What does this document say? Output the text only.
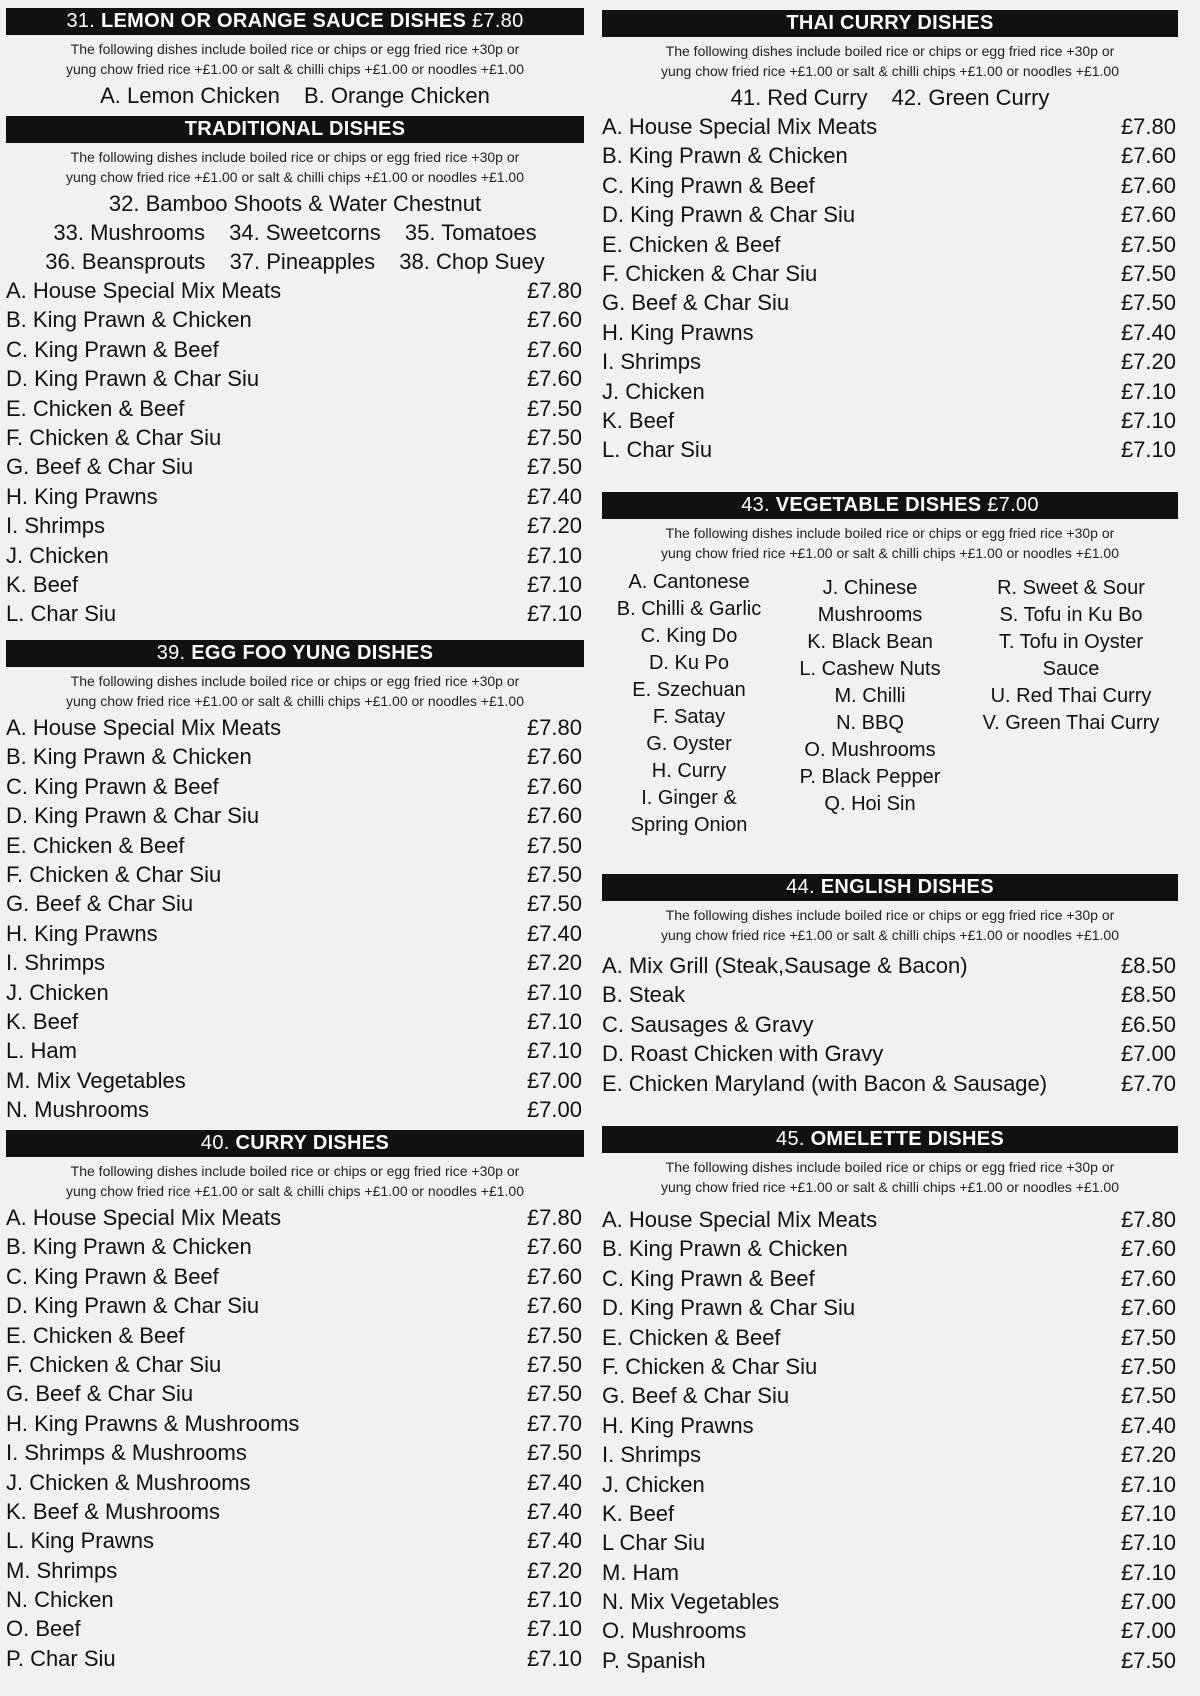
31. LEMON OR ORANGE SAUCE DISHES £7.80
The following dishes include boiled rice or chips or egg fried rice +30p or
yung chow fried rice +£1.00 or salt & chilli chips +£1.00 or noodles +£1.00
A. Lemon Chicken B. Orange Chicken
TRADITIONAL DISHES
The following dishes include boiled rice or chips or egg fried rice +30p or
yung chow fried rice +£1.00 or salt & chilli chips +£1.00 or noodles +£1.00
32. Bamboo Shoots & Water Chestnut
33. Mushrooms 34. Sweetcorns 35. Tomatoes
36. Beansprouts 37. Pineapples 38. Chop Suey
A. House Special Mix Meats	£7.80
B. King Prawn & Chicken	£7.60
C. King Prawn & Beef	£7.60
D. King Prawn & Char Siu	£7.60
E. Chicken & Beef	£7.50
F. Chicken & Char Siu	£7.50
G. Beef & Char Siu	£7.50
H. King Prawns	£7.40
I. Shrimps	£7.20
J. Chicken	£7.10
K. Beef	£7.10
L. Char Siu	£7.10
39. EGG FOO YUNG DISHES
The following dishes include boiled rice or chips or egg fried rice +30p or
yung chow fried rice +£1.00 or salt & chilli chips +£1.00 or noodles +£1.00
A. House Special Mix Meats	£7.80
B. King Prawn & Chicken	£7.60
C. King Prawn & Beef	£7.60
D. King Prawn & Char Siu	£7.60
E. Chicken & Beef	£7.50
F. Chicken & Char Siu	£7.50
G. Beef & Char Siu	£7.50
H. King Prawns	£7.40
I. Shrimps	£7.20
J. Chicken	£7.10
K. Beef	£7.10
L. Ham	£7.10
M. Mix Vegetables	£7.00
N. Mushrooms	£7.00
40. CURRY DISHES
The following dishes include boiled rice or chips or egg fried rice +30p or
yung chow fried rice +£1.00 or salt & chilli chips +£1.00 or noodles +£1.00
A. House Special Mix Meats	£7.80
B. King Prawn & Chicken	£7.60
C. King Prawn & Beef	£7.60
D. King Prawn & Char Siu	£7.60
E. Chicken & Beef	£7.50
F. Chicken & Char Siu	£7.50
G. Beef & Char Siu	£7.50
H. King Prawns & Mushrooms	£7.70
I. Shrimps & Mushrooms	£7.50
J. Chicken & Mushrooms	£7.40
K. Beef & Mushrooms	£7.40
L. King Prawns	£7.40
M. Shrimps	£7.20
N. Chicken	£7.10
O. Beef	£7.10
P. Char Siu	£7.10
THAI CURRY DISHES
The following dishes include boiled rice or chips or egg fried rice +30p or
yung chow fried rice +£1.00 or salt & chilli chips +£1.00 or noodles +£1.00
41. Red Curry 42. Green Curry
A. House Special Mix Meats	£7.80
B. King Prawn & Chicken	£7.60
C. King Prawn & Beef	£7.60
D. King Prawn & Char Siu	£7.60
E. Chicken & Beef	£7.50
F. Chicken & Char Siu	£7.50
G. Beef & Char Siu	£7.50
H. King Prawns	£7.40
I. Shrimps	£7.20
J. Chicken	£7.10
K. Beef	£7.10
L. Char Siu	£7.10
43. VEGETABLE DISHES £7.00
The following dishes include boiled rice or chips or egg fried rice +30p or
yung chow fried rice +£1.00 or salt & chilli chips +£1.00 or noodles +£1.00
A. Cantonese
B. Chilli & Garlic
C. King Do
D. Ku Po
E. Szechuan
F. Satay
G. Oyster
H. Curry
I. Ginger &
Spring Onion
J. Chinese
Mushrooms
K. Black Bean
L. Cashew Nuts
M. Chilli
N. BBQ
O. Mushrooms
P. Black Pepper
Q. Hoi Sin
R. Sweet & Sour
S. Tofu in Ku Bo
T. Tofu in Oyster
Sauce
U. Red Thai Curry
V. Green Thai Curry
44. ENGLISH DISHES
The following dishes include boiled rice or chips or egg fried rice +30p or
yung chow fried rice +£1.00 or salt & chilli chips +£1.00 or noodles +£1.00
A. Mix Grill (Steak,Sausage & Bacon)	£8.50
B. Steak	£8.50
C. Sausages & Gravy	£6.50
D. Roast Chicken with Gravy	£7.00
E. Chicken Maryland (with Bacon & Sausage)	£7.70
45. OMELETTE DISHES
The following dishes include boiled rice or chips or egg fried rice +30p or
yung chow fried rice +£1.00 or salt & chilli chips +£1.00 or noodles +£1.00
A. House Special Mix Meats	£7.80
B. King Prawn & Chicken	£7.60
C. King Prawn & Beef	£7.60
D. King Prawn & Char Siu	£7.60
E. Chicken & Beef	£7.50
F. Chicken & Char Siu	£7.50
G. Beef & Char Siu	£7.50
H. King Prawns	£7.40
I. Shrimps	£7.20
J. Chicken	£7.10
K. Beef	£7.10
L Char Siu	£7.10
M. Ham	£7.10
N. Mix Vegetables	£7.00
O. Mushrooms	£7.00
P. Spanish	£7.50
